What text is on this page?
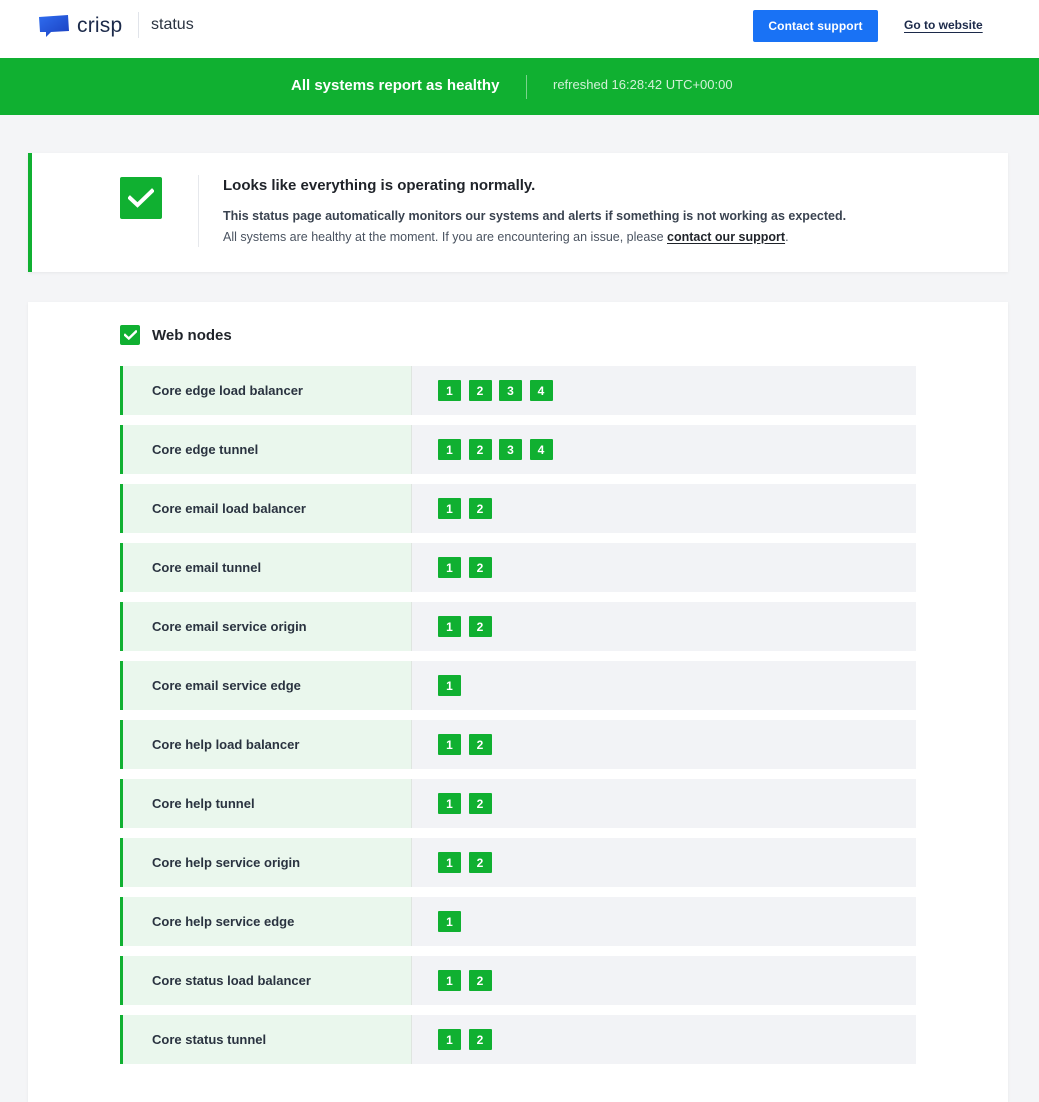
crisp status	Contact support	Go to website
All systems report as healthy	refreshed 16:28:42 UTC+00:00
Looks like everything is operating normally.
This status page automatically monitors our systems and alerts if something is not working as expected.
All systems are healthy at the moment. If you are encountering an issue, please contact our support.
Web nodes
Core edge load balancer	1	2	3	4
Core edge tunnel	1	2	3	4
Core email load balancer	1	2
Core email tunnel	1	2
Core email service origin	1	2
Core email service edge	1
Core help load balancer	1	2
Core help tunnel	1	2
Core help service origin	1	2
Core help service edge	1
Core status load balancer	1	2
Core status tunnel	1	2
